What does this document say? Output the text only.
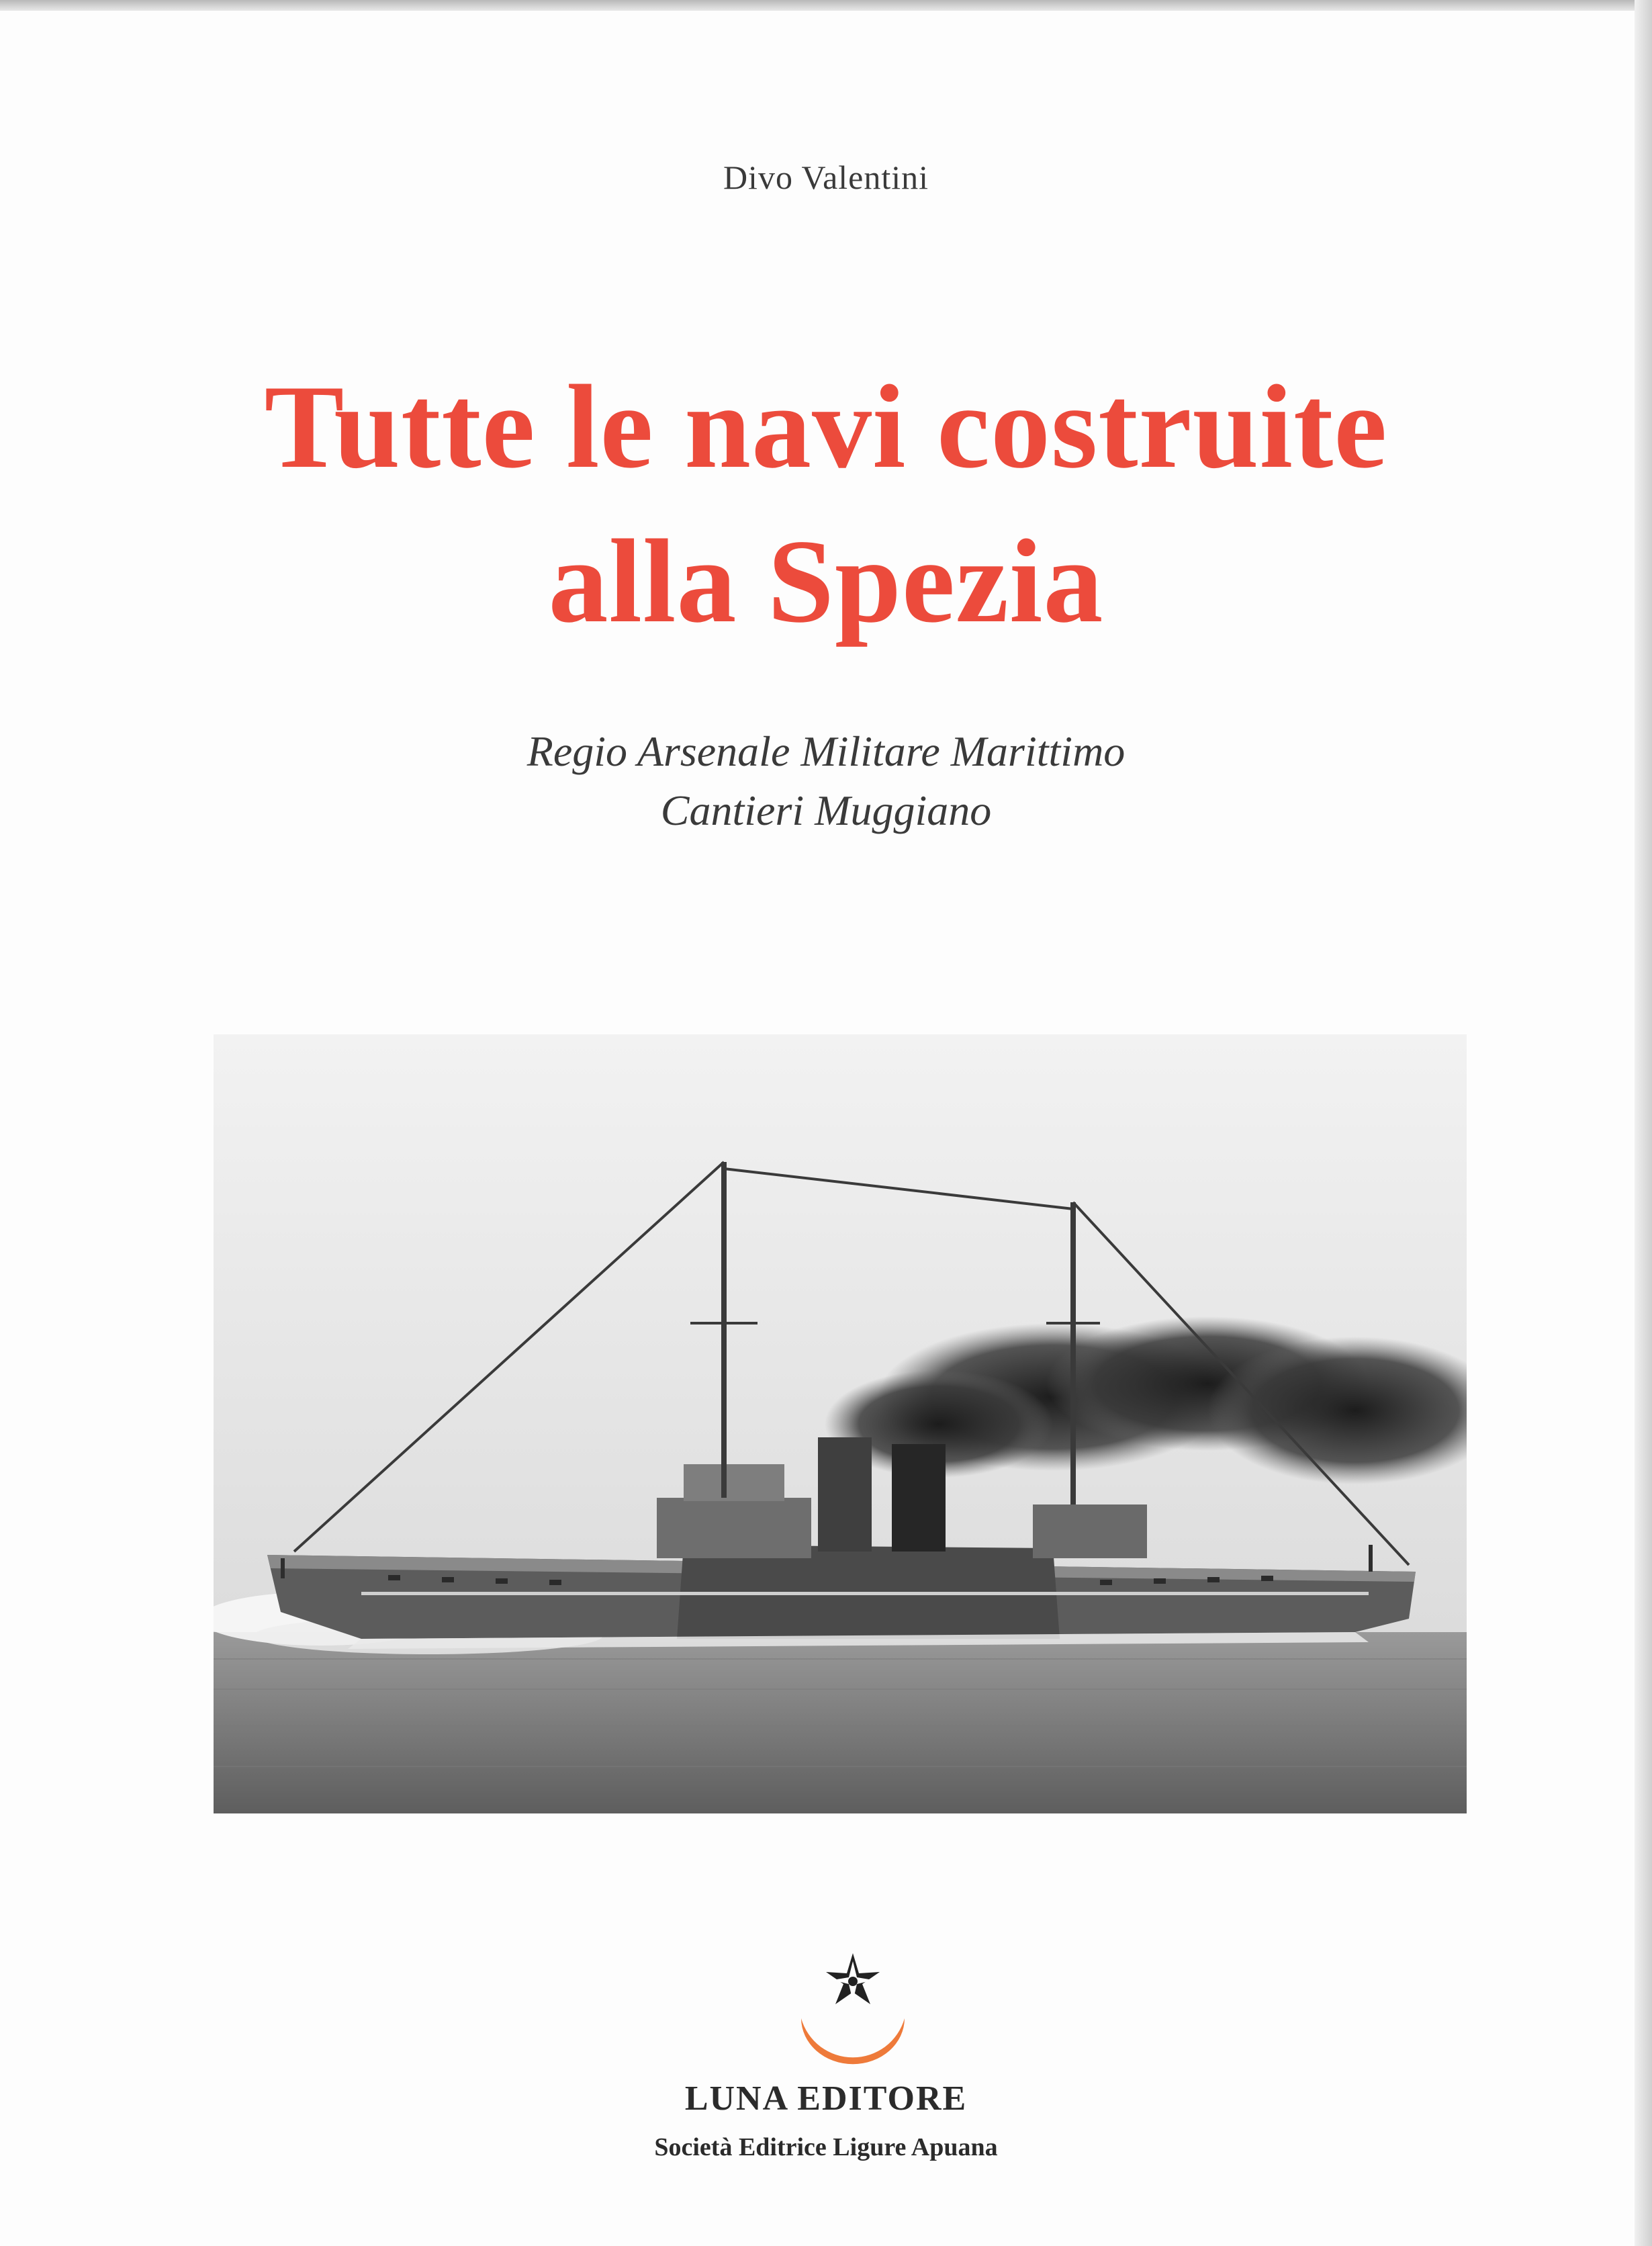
Divo Valentini
Tutte le navi costruite
alla Spezia
Regio Arsenale Militare Marittimo
Cantieri Muggiano
LUNA EDITORE
Società Editrice Ligure Apuana
